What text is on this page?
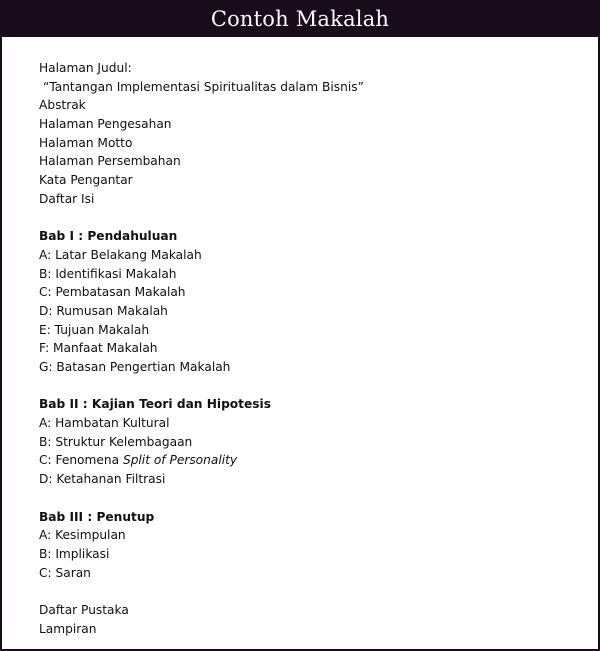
Contoh Makalah
Halaman Judul:
“Tantangan Implementasi Spiritualitas dalam Bisnis”
Abstrak
Halaman Pengesahan
Halaman Motto
Halaman Persembahan
Kata Pengantar
Daftar Isi
Bab I : Pendahuluan
A: Latar Belakang Makalah
B: Identifikasi Makalah
C: Pembatasan Makalah
D: Rumusan Makalah
E: Tujuan Makalah
F: Manfaat Makalah
G: Batasan Pengertian Makalah
Bab II : Kajian Teori dan Hipotesis
A: Hambatan Kultural
B: Struktur Kelembagaan
C: Fenomena Split of Personality
D: Ketahanan Filtrasi
Bab III : Penutup
A: Kesimpulan
B: Implikasi
C: Saran
Daftar Pustaka
Lampiran
